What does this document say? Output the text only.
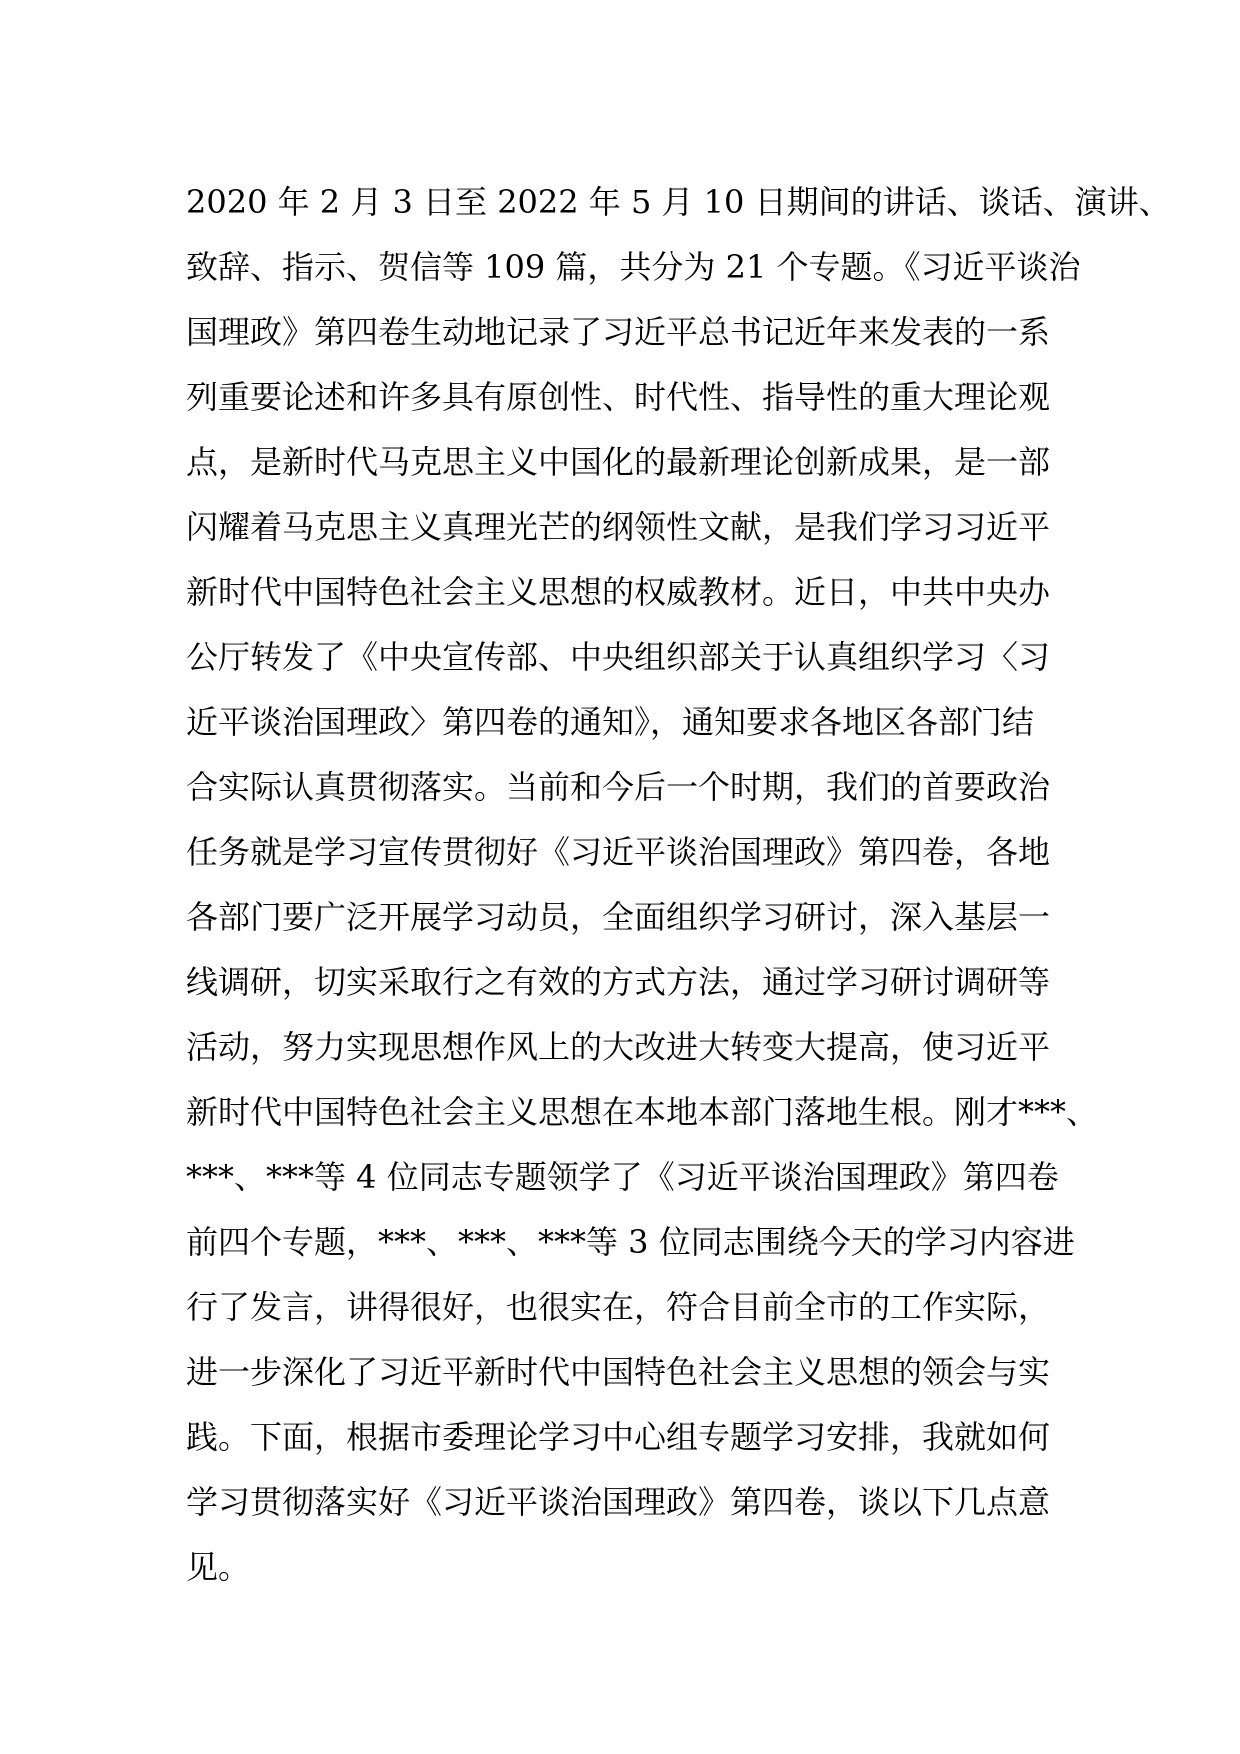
2020 年 2 月 3 日至 2022 年 5 月 10 日期间的讲话、谈话、演讲、
致辞、指示、贺信等 109 篇，共分为 21 个专题。《习近平谈治
国理政》第四卷生动地记录了习近平总书记近年来发表的一系
列重要论述和许多具有原创性、时代性、指导性的重大理论观
点，是新时代马克思主义中国化的最新理论创新成果，是一部
闪耀着马克思主义真理光芒的纲领性文献，是我们学习习近平
新时代中国特色社会主义思想的权威教材。近日，中共中央办
公厅转发了《中央宣传部、中央组织部关于认真组织学习〈习
近平谈治国理政〉第四卷的通知》，通知要求各地区各部门结
合实际认真贯彻落实。当前和今后一个时期，我们的首要政治
任务就是学习宣传贯彻好《习近平谈治国理政》第四卷，各地
各部门要广泛开展学习动员，全面组织学习研讨，深入基层一
线调研，切实采取行之有效的方式方法，通过学习研讨调研等
活动，努力实现思想作风上的大改进大转变大提高，使习近平
新时代中国特色社会主义思想在本地本部门落地生根。刚才***、
***、***等 4 位同志专题领学了《习近平谈治国理政》第四卷
前四个专题，***、***、***等 3 位同志围绕今天的学习内容进
行了发言，讲得很好，也很实在，符合目前全市的工作实际，
进一步深化了习近平新时代中国特色社会主义思想的领会与实
践。下面，根据市委理论学习中心组专题学习安排，我就如何
学习贯彻落实好《习近平谈治国理政》第四卷，谈以下几点意
见。
